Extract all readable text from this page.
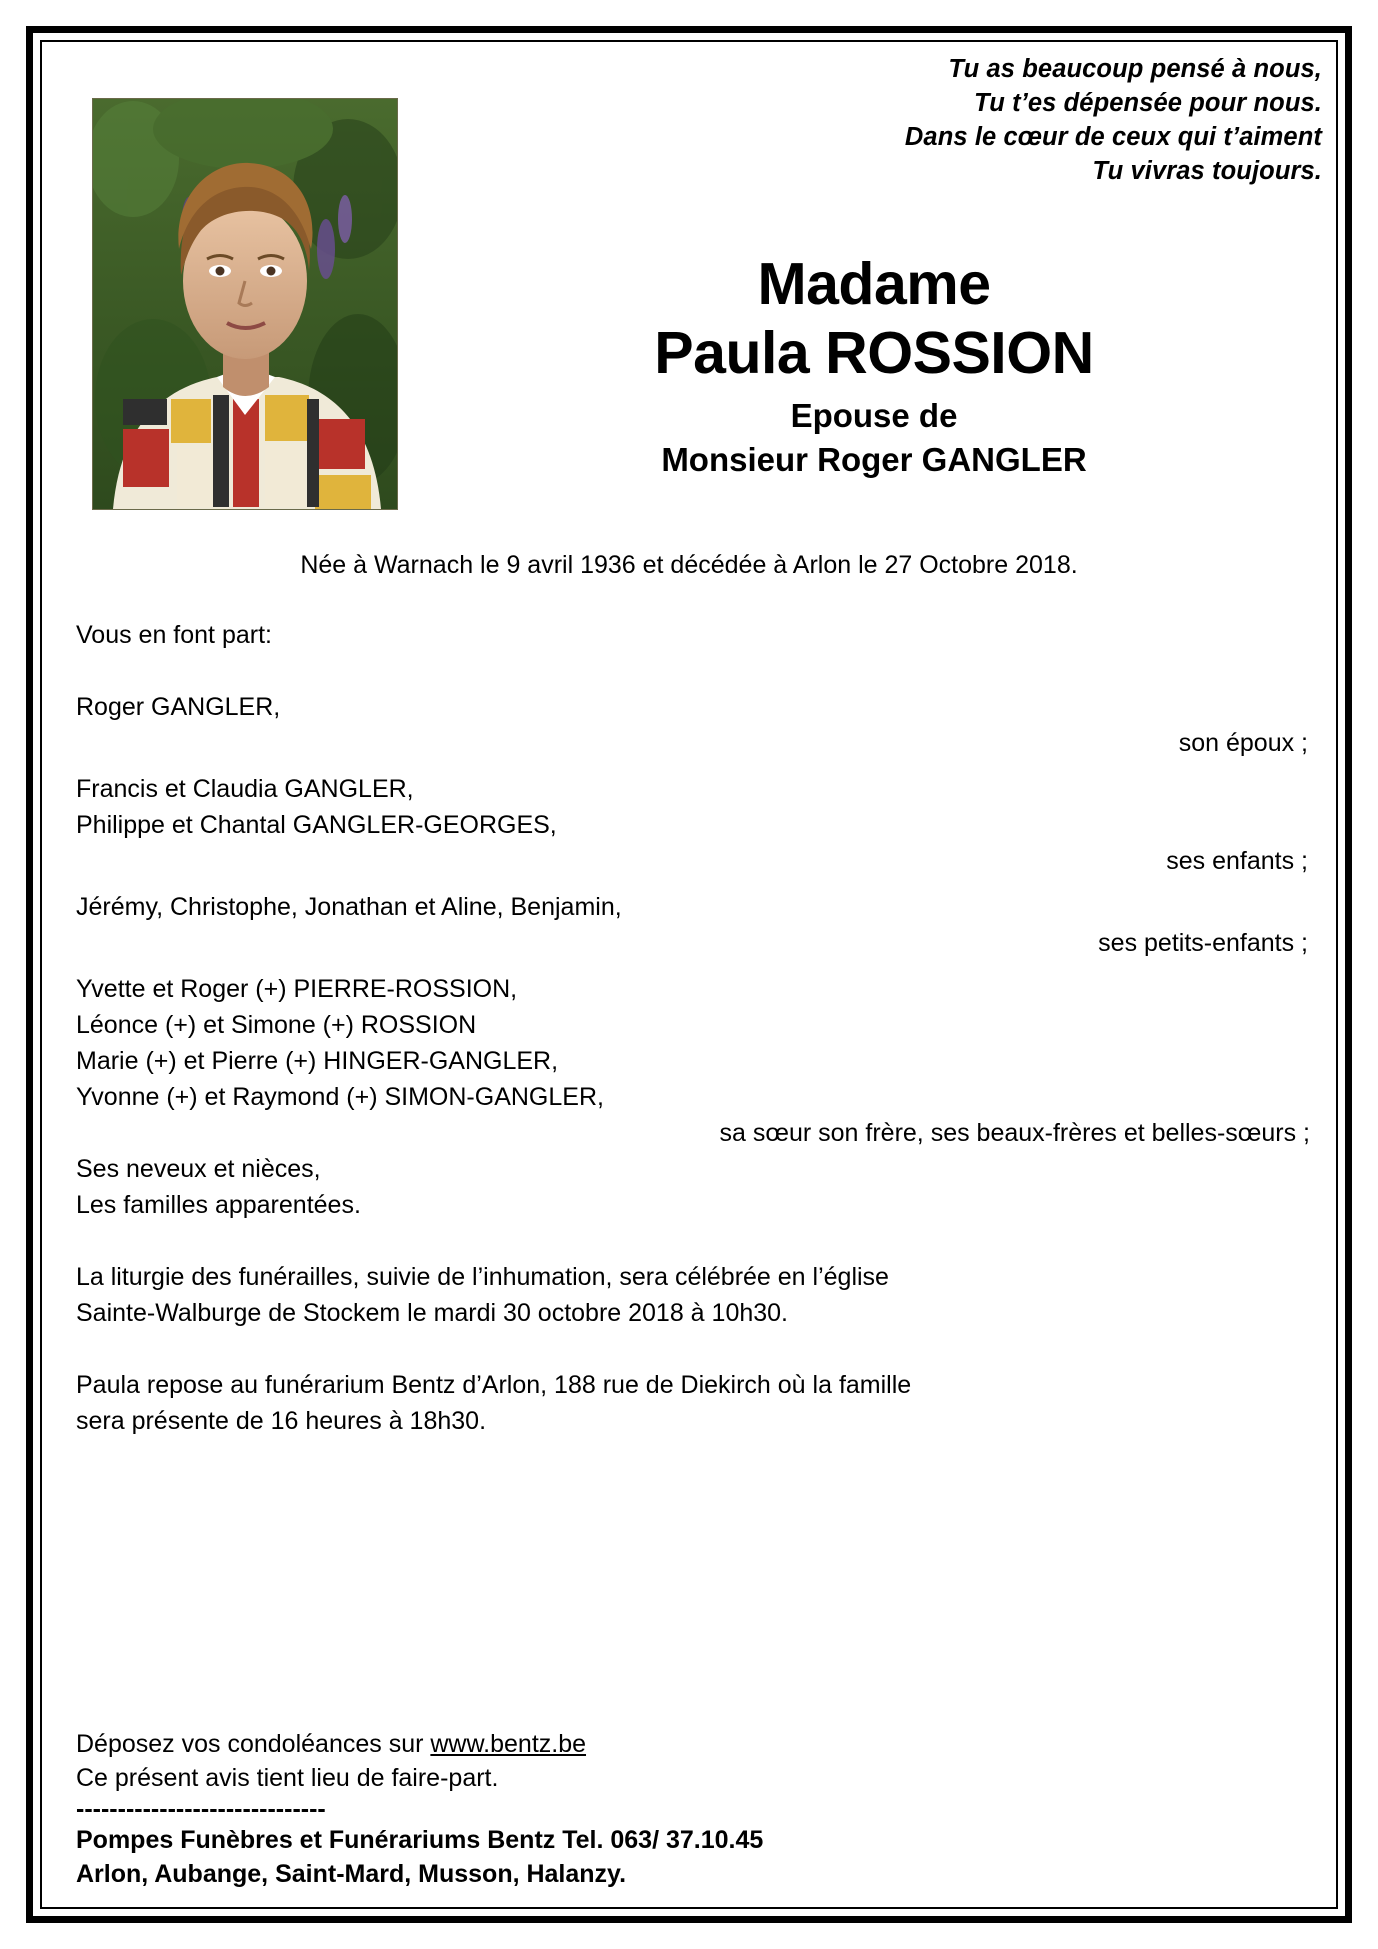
Tu as beaucoup pensé à nous,
Tu t’es dépensée pour nous.
Dans le cœur de ceux qui t’aiment
Tu vivras toujours.
Madame
Paula ROSSION
Epouse de
Monsieur Roger GANGLER
Née à Warnach le 9 avril 1936 et décédée à Arlon le 27 Octobre 2018.
Vous en font part:
Roger GANGLER,
son époux ;
Francis et Claudia GANGLER,
Philippe et Chantal GANGLER-GEORGES,
ses enfants ;
Jérémy, Christophe, Jonathan et Aline, Benjamin,
ses petits-enfants ;
Yvette et Roger (+) PIERRE-ROSSION,
Léonce (+) et Simone (+) ROSSION
Marie (+) et Pierre (+) HINGER-GANGLER,
Yvonne (+) et Raymond (+) SIMON-GANGLER,
sa sœur son frère, ses beaux-frères et belles-sœurs ;
Ses neveux et nièces,
Les familles apparentées.
La liturgie des funérailles, suivie de l’inhumation, sera célébrée en l’église
Sainte-Walburge de Stockem le mardi 30 octobre 2018 à 10h30.
Paula repose au funérarium Bentz d’Arlon, 188 rue de Diekirch où la famille
sera présente de 16 heures à 18h30.
Déposez vos condoléances sur www.bentz.be
Ce présent avis tient lieu de faire-part.
------------------------------
Pompes Funèbres et Funérariums Bentz Tel. 063/ 37.10.45
Arlon, Aubange, Saint-Mard, Musson, Halanzy.
